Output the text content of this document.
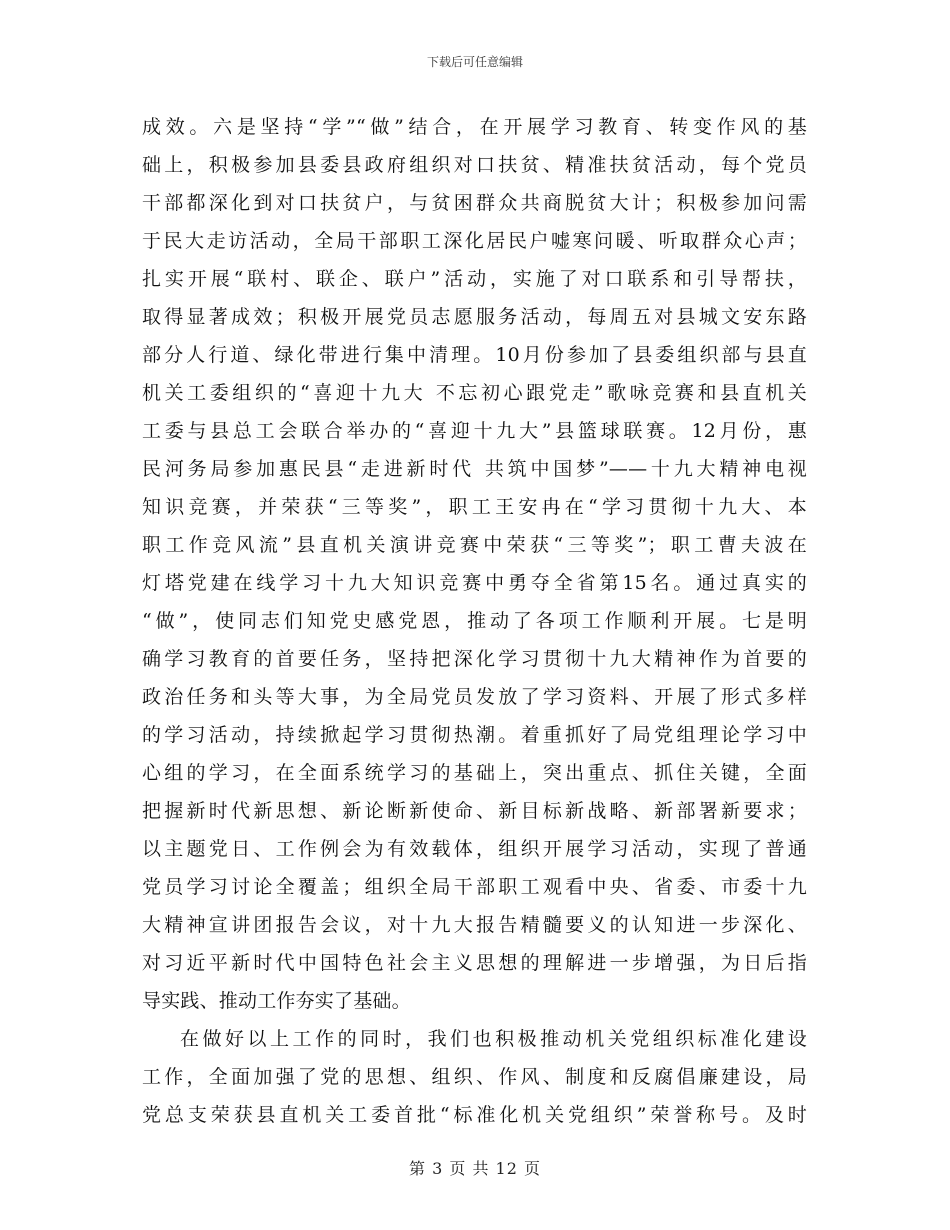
下载后可任意编辑
成效。六是坚持“学”“做”结合，在开展学习教育、转变作风的基
础上，积极参加县委县政府组织对口扶贫、精准扶贫活动，每个党员
干部都深化到对口扶贫户，与贫困群众共商脱贫大计；积极参加问需
于民大走访活动，全局干部职工深化居民户嘘寒问暖、听取群众心声；
扎实开展“联村、联企、联户”活动，实施了对口联系和引导帮扶，
取得显著成效；积极开展党员志愿服务活动，每周五对县城文安东路
部分人行道、绿化带进行集中清理。10月份参加了县委组织部与县直
机关工委组织的“喜迎十九大 不忘初心跟党走”歌咏竞赛和县直机关
工委与县总工会联合举办的“喜迎十九大”县篮球联赛。12月份，惠
民河务局参加惠民县“走进新时代 共筑中国梦”——十九大精神电视
知识竞赛，并荣获“三等奖”，职工王安冉在“学习贯彻十九大、本
职工作竞风流”县直机关演讲竞赛中荣获“三等奖”；职工曹夫波在
灯塔党建在线学习十九大知识竞赛中勇夺全省第15名。通过真实的
“做”，使同志们知党史感党恩，推动了各项工作顺利开展。七是明
确学习教育的首要任务，坚持把深化学习贯彻十九大精神作为首要的
政治任务和头等大事，为全局党员发放了学习资料、开展了形式多样
的学习活动，持续掀起学习贯彻热潮。着重抓好了局党组理论学习中
心组的学习，在全面系统学习的基础上，突出重点、抓住关键，全面
把握新时代新思想、新论断新使命、新目标新战略、新部署新要求；
以主题党日、工作例会为有效载体，组织开展学习活动，实现了普通
党员学习讨论全覆盖；组织全局干部职工观看中央、省委、市委十九
大精神宣讲团报告会议，对十九大报告精髓要义的认知进一步深化、
对习近平新时代中国特色社会主义思想的理解进一步增强，为日后指
导实践、推动工作夯实了基础。
在做好以上工作的同时，我们也积极推动机关党组织标准化建设
工作，全面加强了党的思想、组织、作风、制度和反腐倡廉建设，局
党总支荣获县直机关工委首批“标准化机关党组织”荣誉称号。及时
第 3 页 共 12 页
